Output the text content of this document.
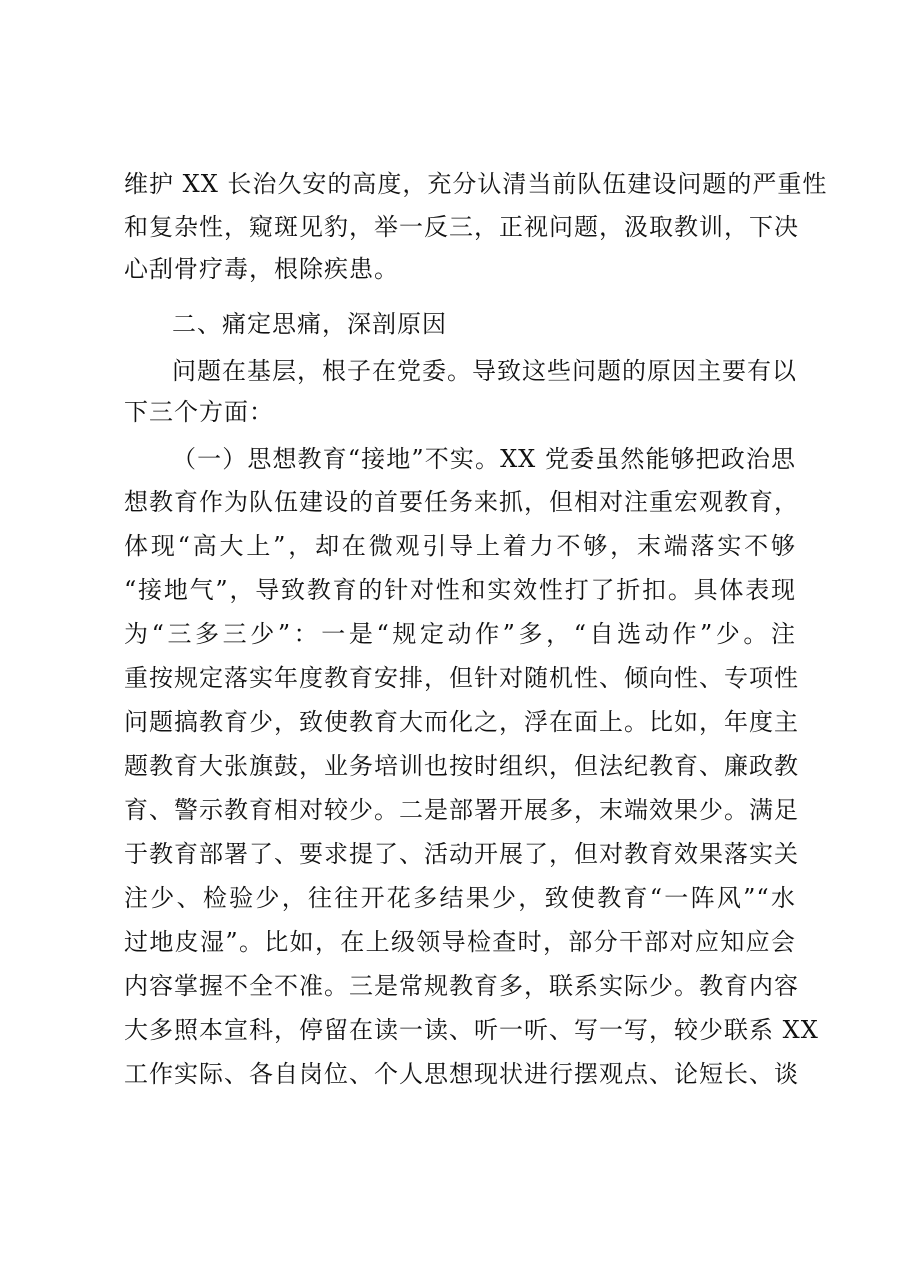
维护 XX 长治久安的高度，充分认清当前队伍建设问题的严重性
和复杂性，窥斑见豹，举一反三，正视问题，汲取教训，下决
心刮骨疗毒，根除疾患。
二、痛定思痛，深剖原因
问题在基层，根子在党委。导致这些问题的原因主要有以
下三个方面：
（一）思想教育“接地”不实。XX 党委虽然能够把政治思
想教育作为队伍建设的首要任务来抓，但相对注重宏观教育，
体现“高大上”，却在微观引导上着力不够，末端落实不够
“接地气”，导致教育的针对性和实效性打了折扣。具体表现
为“三多三少”：一是“规定动作”多，“自选动作”少。注
重按规定落实年度教育安排，但针对随机性、倾向性、专项性
问题搞教育少，致使教育大而化之，浮在面上。比如，年度主
题教育大张旗鼓，业务培训也按时组织，但法纪教育、廉政教
育、警示教育相对较少。二是部署开展多，末端效果少。满足
于教育部署了、要求提了、活动开展了，但对教育效果落实关
注少、检验少，往往开花多结果少，致使教育“一阵风”“水
过地皮湿”。比如，在上级领导检查时，部分干部对应知应会
内容掌握不全不准。三是常规教育多，联系实际少。教育内容
大多照本宣科，停留在读一读、听一听、写一写，较少联系 XX
工作实际、各自岗位、个人思想现状进行摆观点、论短长、谈
